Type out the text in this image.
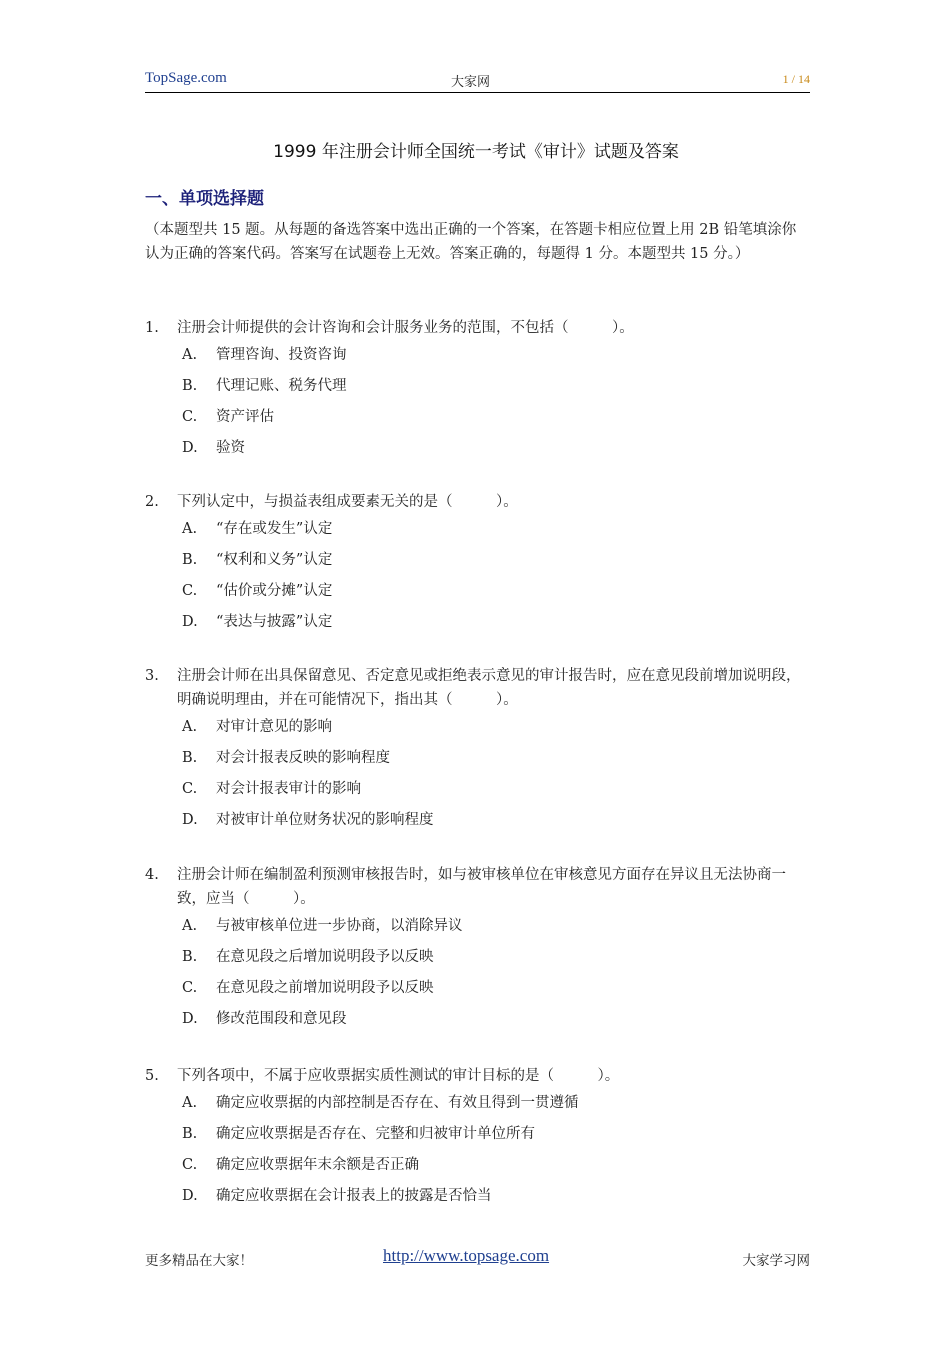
TopSage.com	大家网	1 / 14
1999 年注册会计师全国统一考试《审计》试题及答案
一、单项选择题
（本题型共 15 题。从每题的备选答案中选出正确的一个答案，在答题卡相应位置上用 2B 铅笔填涂你认为正确的答案代码。答案写在试题卷上无效。答案正确的，每题得 1 分。本题型共 15 分。）
1. 注册会计师提供的会计咨询和会计服务业务的范围，不包括（　　　）。
A. 管理咨询、投资咨询
B. 代理记账、税务代理
C. 资产评估
D. 验资
2. 下列认定中，与损益表组成要素无关的是（　　　）。
A. “存在或发生”认定
B. “权利和义务”认定
C. “估价或分摊”认定
D. “表达与披露”认定
3. 注册会计师在出具保留意见、否定意见或拒绝表示意见的审计报告时，应在意见段前增加说明段，明确说明理由，并在可能情况下，指出其（　　　）。
A. 对审计意见的影响
B. 对会计报表反映的影响程度
C. 对会计报表审计的影响
D. 对被审计单位财务状况的影响程度
4. 注册会计师在编制盈利预测审核报告时，如与被审核单位在审核意见方面存在异议且无法协商一致，应当（　　　）。
A. 与被审核单位进一步协商，以消除异议
B. 在意见段之后增加说明段予以反映
C. 在意见段之前增加说明段予以反映
D. 修改范围段和意见段
5. 下列各项中，不属于应收票据实质性测试的审计目标的是（　　　）。
A. 确定应收票据的内部控制是否存在、有效且得到一贯遵循
B. 确定应收票据是否存在、完整和归被审计单位所有
C. 确定应收票据年末余额是否正确
D. 确定应收票据在会计报表上的披露是否恰当
更多精品在大家！	http://www.topsage.com	大家学习网
